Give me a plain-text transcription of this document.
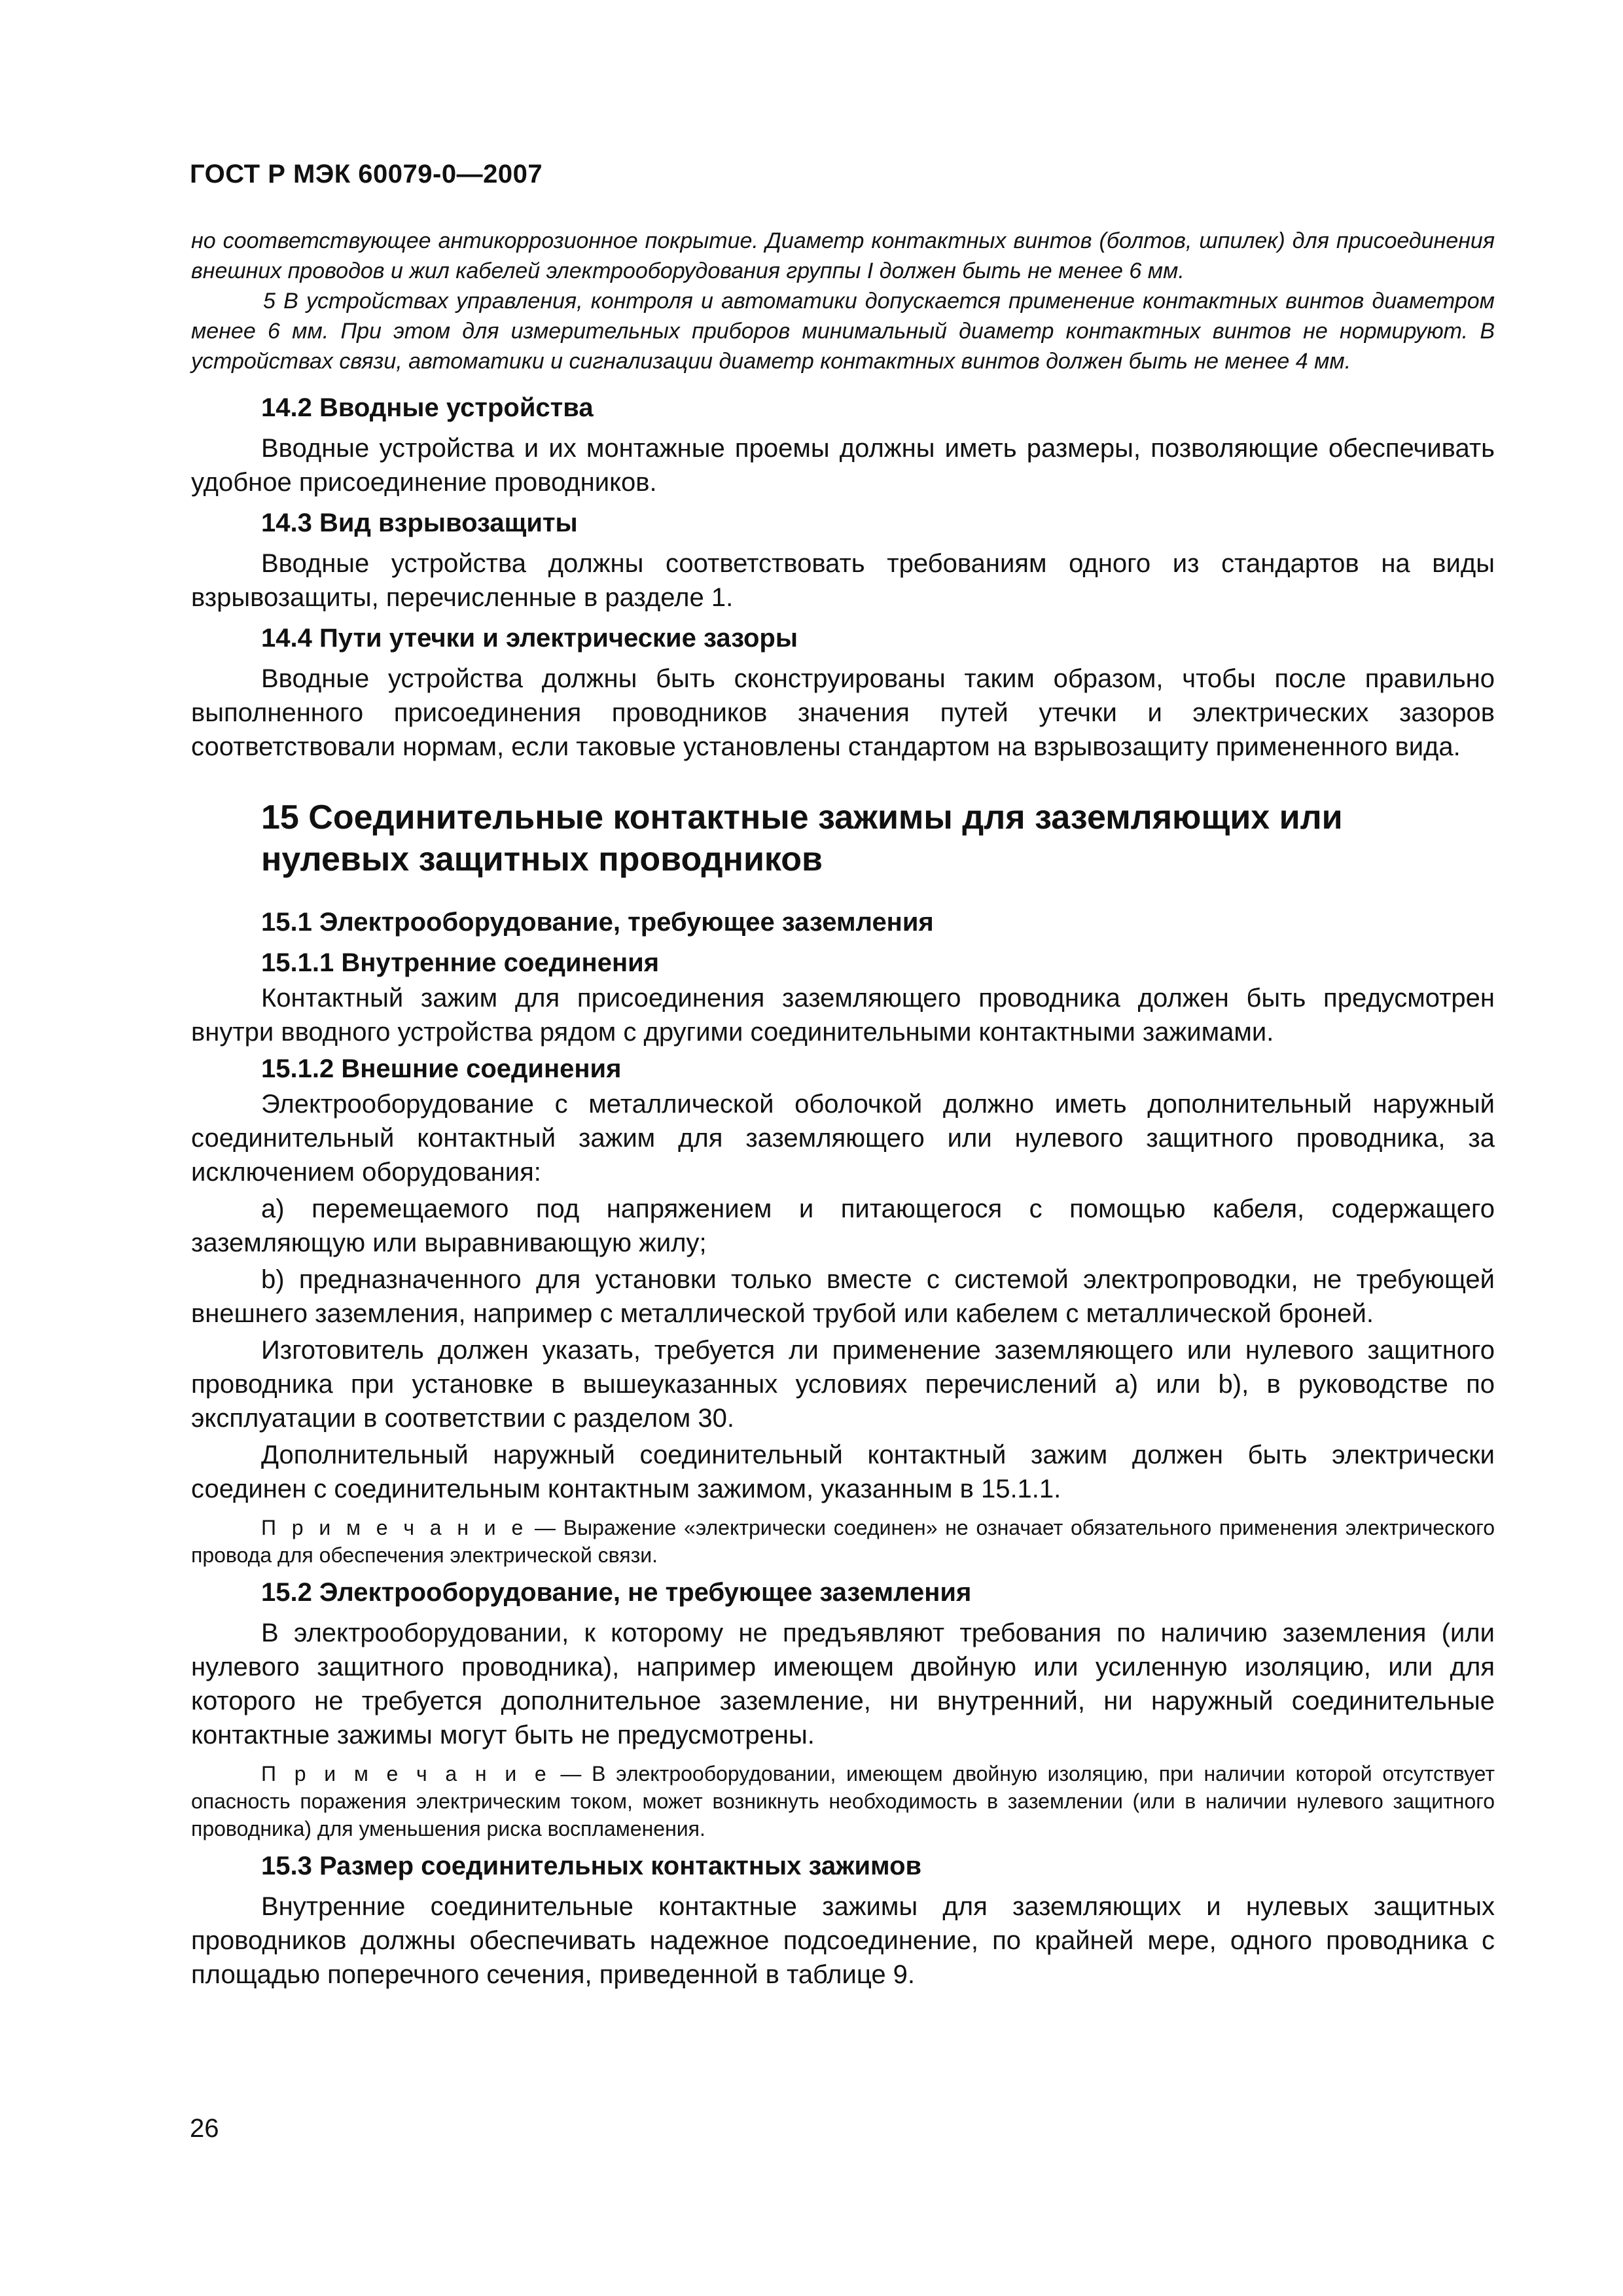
ГОСТ Р МЭК 60079-0—2007

но соответствующее антикоррозионное покрытие. Диаметр контактных винтов (болтов, шпилек) для присоединения внешних проводов и жил кабелей электрооборудования группы I должен быть не менее 6 мм.

5 В устройствах управления, контроля и автоматики допускается применение контактных винтов диаметром менее 6 мм. При этом для измерительных приборов минимальный диаметр контактных винтов не нормируют. В устройствах связи, автоматики и сигнализации диаметр контактных винтов должен быть не менее 4 мм.

14.2 Вводные устройства

Вводные устройства и их монтажные проемы должны иметь размеры, позволяющие обеспечивать удобное присоединение проводников.

14.3 Вид взрывозащиты

Вводные устройства должны соответствовать требованиям одного из стандартов на виды взрывозащиты, перечисленные в разделе 1.

14.4 Пути утечки и электрические зазоры

Вводные устройства должны быть сконструированы таким образом, чтобы после правильно выполненного присоединения проводников значения путей утечки и электрических зазоров соответствовали нормам, если таковые установлены стандартом на взрывозащиту примененного вида.

15 Соединительные контактные зажимы для заземляющих или нулевых защитных проводников
15.1 Электрооборудование, требующее заземления
15.1.1 Внутренние соединения

Контактный зажим для присоединения заземляющего проводника должен быть предусмотрен внутри вводного устройства рядом с другими соединительными контактными зажимами.

15.1.2 Внешние соединения

Электрооборудование с металлической оболочкой должно иметь дополнительный наружный соединительный контактный зажим для заземляющего или нулевого защитного проводника, за исключением оборудования:

а) перемещаемого под напряжением и питающегося с помощью кабеля, содержащего заземляющую или выравнивающую жилу;

b) предназначенного для установки только вместе с системой электропроводки, не требующей внешнего заземления, например с металлической трубой или кабелем с металлической броней.

Изготовитель должен указать, требуется ли применение заземляющего или нулевого защитного проводника при установке в вышеуказанных условиях перечислений а) или b), в руководстве по эксплуатации в соответствии с разделом 30.

Дополнительный наружный соединительный контактный зажим должен быть электрически соединен с соединительным контактным зажимом, указанным в 15.1.1.

П р и м е ч а н и е — Выражение «электрически соединен» не означает обязательного применения электрического провода для обеспечения электрической связи.

15.2 Электрооборудование, не требующее заземления

В электрооборудовании, к которому не предъявляют требования по наличию заземления (или нулевого защитного проводника), например имеющем двойную или усиленную изоляцию, или для которого не требуется дополнительное заземление, ни внутренний, ни наружный соединительные контактные зажимы могут быть не предусмотрены.

П р и м е ч а н и е — В электрооборудовании, имеющем двойную изоляцию, при наличии которой отсутствует опасность поражения электрическим током, может возникнуть необходимость в заземлении (или в наличии нулевого защитного проводника) для уменьшения риска воспламенения.

15.3 Размер соединительных контактных зажимов

Внутренние соединительные контактные зажимы для заземляющих и нулевых защитных проводников должны обеспечивать надежное подсоединение, по крайней мере, одного проводника с площадью поперечного сечения, приведенной в таблице 9.

26
